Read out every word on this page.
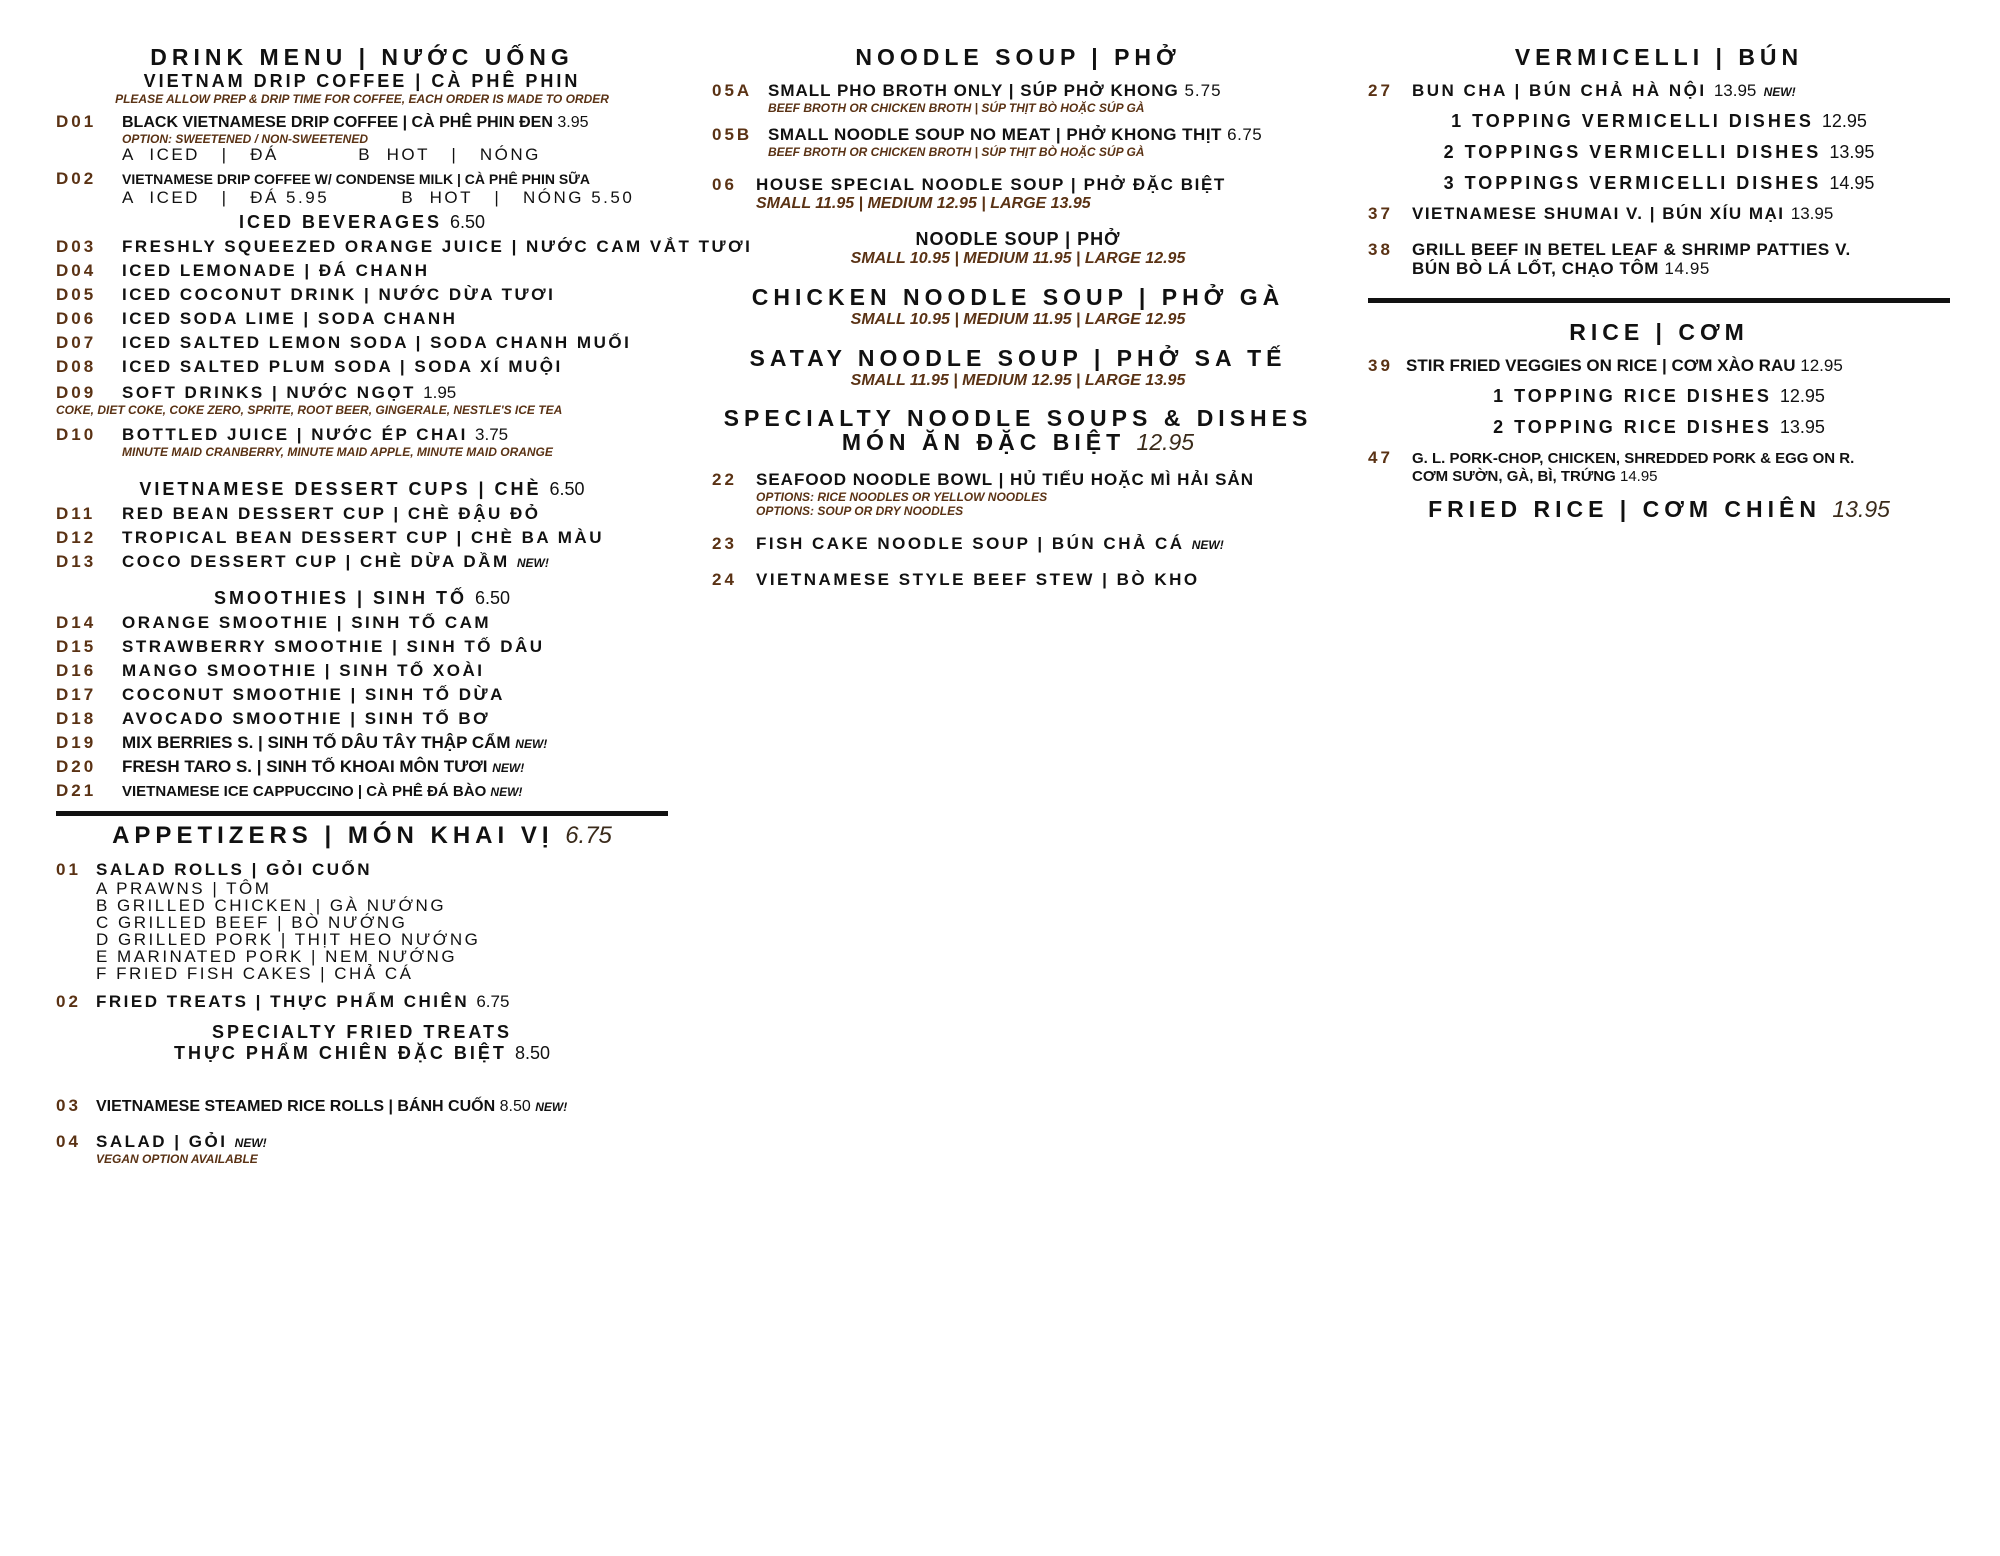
DRINK MENU | NƯỚC UỐNG
VIETNAM DRIP COFFEE | CÀ PHÊ PHIN
PLEASE ALLOW PREP & DRIP TIME FOR COFFEE, EACH ORDER IS MADE TO ORDER
D01	BLACK VIETNAMESE DRIP COFFEE | CÀ PHÊ PHIN ĐEN 3.95
OPTION: SWEETENED / NON-SWEETENED
A  ICED   |   ĐÁ           B  HOT   |   NÓNG
D02	VIETNAMESE DRIP COFFEE W/ CONDENSE MILK | CÀ PHÊ PHIN SỮA
A  ICED   |   ĐÁ 5.95          B  HOT   |   NÓNG 5.50
ICED BEVERAGES 6.50
D03	FRESHLY SQUEEZED ORANGE JUICE | NƯỚC CAM VẮT TƯƠI
D04	ICED LEMONADE | ĐÁ CHANH
D05	ICED COCONUT DRINK | NƯỚC DỪA TƯƠI
D06	ICED SODA LIME | SODA CHANH
D07	ICED SALTED LEMON SODA | SODA CHANH MUỐI
D08	ICED SALTED PLUM SODA | SODA XÍ MUỘI
D09	SOFT DRINKS | NƯỚC NGỌT 1.95
COKE, DIET COKE, COKE ZERO, SPRITE, ROOT BEER, GINGERALE, NESTLE'S ICE TEA
D10	BOTTLED JUICE | NƯỚC ÉP CHAI 3.75
MINUTE MAID CRANBERRY, MINUTE MAID APPLE, MINUTE MAID ORANGE
VIETNAMESE DESSERT CUPS | CHÈ 6.50
D11	RED BEAN DESSERT CUP | CHÈ ĐẬU ĐỎ
D12	TROPICAL BEAN DESSERT CUP | CHÈ BA MÀU
D13	COCO DESSERT CUP | CHÈ DỪA DẦM NEW!
SMOOTHIES | SINH TỐ 6.50
D14	ORANGE SMOOTHIE | SINH TỐ CAM
D15	STRAWBERRY SMOOTHIE | SINH TỐ DÂU
D16	MANGO SMOOTHIE | SINH TỐ XOÀI
D17	COCONUT SMOOTHIE | SINH TỐ DỪA
D18	AVOCADO SMOOTHIE | SINH TỐ BƠ
D19	MIX BERRIES S. | SINH TỐ DÂU TÂY THẬP CẨM NEW!
D20	FRESH TARO S. | SINH TỐ KHOAI MÔN TƯƠI NEW!
D21	VIETNAMESE ICE CAPPUCCINO | CÀ PHÊ ĐÁ BÀO NEW!
APPETIZERS | MÓN KHAI VỊ 6.75
01 SALAD ROLLS | GỎI CUỐN
A PRAWNS | TÔM
B GRILLED CHICKEN | GÀ NƯỚNG
C GRILLED BEEF | BÒ NƯỚNG
D GRILLED PORK | THỊT HEO NƯỚNG
E MARINATED PORK | NEM NƯỚNG
F FRIED FISH CAKES | CHẢ CÁ
02 FRIED TREATS | THỰC PHẨM CHIÊN 6.75
SPECIALTY FRIED TREATS
THỰC PHẨM CHIÊN ĐẶC BIỆT 8.50
03 VIETNAMESE STEAMED RICE ROLLS | BÁNH CUỐN 8.50 NEW!
04 SALAD | GỎI NEW!
VEGAN OPTION AVAILABLE
NOODLE SOUP | PHỞ
05A SMALL PHO BROTH ONLY | SÚP PHỞ KHONG 5.75
BEEF BROTH OR CHICKEN BROTH | SÚP THỊT BÒ HOẶC SÚP GÀ
05B SMALL NOODLE SOUP NO MEAT | PHỞ KHONG THỊT 6.75
BEEF BROTH OR CHICKEN BROTH | SÚP THỊT BÒ HOẶC SÚP GÀ
06	HOUSE SPECIAL NOODLE SOUP | PHỞ ĐẶC BIỆT
SMALL 11.95 | MEDIUM 12.95 | LARGE 13.95
NOODLE SOUP | PHỞ
SMALL 10.95 | MEDIUM 11.95 | LARGE 12.95
CHICKEN NOODLE SOUP | PHỞ GÀ
SMALL 10.95 | MEDIUM 11.95 | LARGE 12.95
SATAY NOODLE SOUP | PHỞ SA TẾ
SMALL 11.95 | MEDIUM 12.95 | LARGE 13.95
SPECIALTY NOODLE SOUPS & DISHES
MÓN ĂN ĐẶC BIỆT 12.95
22	SEAFOOD NOODLE BOWL | HỦ TIẾU HOẶC MÌ HẢI SẢN
OPTIONS: RICE NOODLES OR YELLOW NOODLES
OPTIONS: SOUP OR DRY NOODLES
23	FISH CAKE NOODLE SOUP | BÚN CHẢ CÁ NEW!
24	VIETNAMESE STYLE BEEF STEW | BÒ KHO
VERMICELLI | BÚN
27	BUN CHA | BÚN CHẢ HÀ NỘI 13.95 NEW!
1 TOPPING VERMICELLI DISHES 12.95
2 TOPPINGS VERMICELLI DISHES 13.95
3 TOPPINGS VERMICELLI DISHES 14.95
37	VIETNAMESE SHUMAI V. | BÚN XÍU MẠI 13.95
38	GRILL BEEF IN BETEL LEAF & SHRIMP PATTIES V.
BÚN BÒ LÁ LỐT, CHẠO TÔM 14.95
RICE | CƠM
39 STIR FRIED VEGGIES ON RICE | CƠM XÀO RAU 12.95
1 TOPPING RICE DISHES 12.95
2 TOPPING RICE DISHES 13.95
47	G. L. PORK-CHOP, CHICKEN, SHREDDED PORK & EGG ON R.
CƠM SƯỜN, GÀ, BÌ, TRỨNG 14.95
FRIED RICE | CƠM CHIÊN 13.95
